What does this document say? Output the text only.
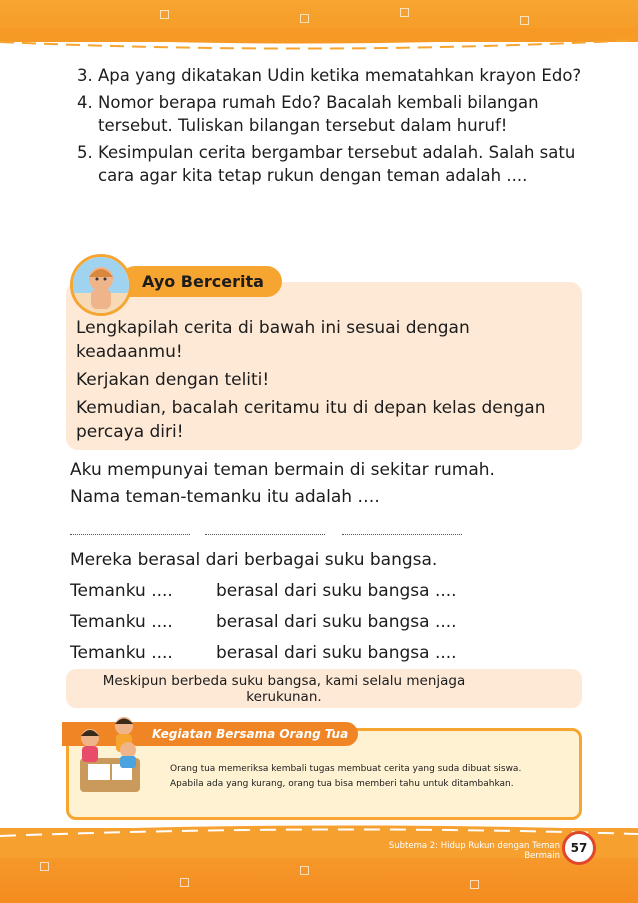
3. Apa yang dikatakan Udin ketika mematahkan krayon Edo?
4. Nomor berapa rumah Edo? Bacalah kembali bilangan tersebut. Tuliskan bilangan tersebut dalam huruf!
5. Kesimpulan cerita bergambar tersebut adalah. Salah satu cara agar kita tetap rukun dengan teman adalah ....
Ayo Bercerita

Lengkapilah cerita di bawah ini sesuai dengan keadaanmu!

Kerjakan dengan teliti!

Kemudian, bacalah ceritamu itu di depan kelas dengan percaya diri!

Aku mempunyai teman bermain di sekitar rumah.

Nama teman-temanku itu adalah ….

Mereka berasal dari berbagai suku bangsa.
Temanku ....	berasal dari suku bangsa ....
Temanku ....	berasal dari suku bangsa ....
Temanku ....	berasal dari suku bangsa ....
Meskipun berbeda suku bangsa, kami selalu menjaga kerukunan.
Kegiatan Bersama Orang Tua
Orang tua memeriksa kembali tugas membuat cerita yang suda dibuat siswa.
Apabila ada yang kurang, orang tua bisa memberi tahu untuk ditambahkan.
Subtema 2: Hidup Rukun dengan Teman Bermain
57
